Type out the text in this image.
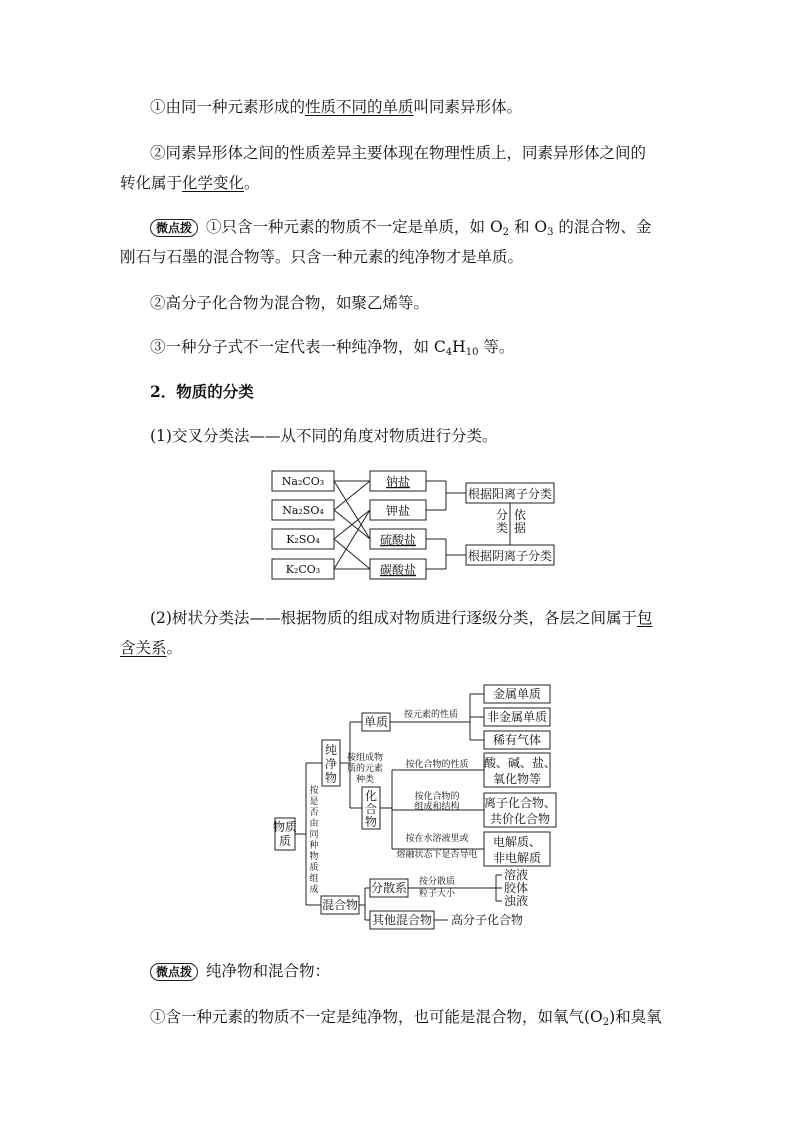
①由同一种元素形成的性质不同的单质叫同素异形体。
②同素异形体之间的性质差异主要体现在物理性质上，同素异形体之间的
转化属于化学变化。
微点拨 ①只含一种元素的物质不一定是单质，如 $O_2$ 和 $O_3$ 的混合物、金
刚石与石墨的混合物等。只含一种元素的纯净物才是单质。
②高分子化合物为混合物，如聚乙烯等。
③一种分子式不一定代表一种纯净物，如 $C_4H_{10}$ 等。
2．物质的分类
(1)交叉分类法——从不同的角度对物质进行分类。
Na₂CO₃
Na₂SO₄
K₂SO₄
K₂CO₃
钠盐
钾盐
硫酸盐
碳酸盐
根据阳离子分类
根据阴离子分类
分
类
依
据
(2)树状分类法——根据物质的组成对物质进行逐级分类，各层之间属于包
含关系。
物质
质
纯
净
物
混合物
单质
化
合
物
分散系
其他混合物
金属单质
非金属单质
稀有气体
酸、碱、盐、
氧化物等
离子化合物、
共价化合物
电解质、
非电解质
溶液
胶体
浊液
高分子化合物
按元素的性质
按化合物的性质
按化合物的
组成和结构
按在水溶液里或
熔融状态下是否导电
按分散质
粒子大小
按组成物
质的元素
种类
按
是
否
由
同
种
物
质
组
成
微点拨 纯净物和混合物：
①含一种元素的物质不一定是纯净物，也可能是混合物，如氧气$(O_2)$和臭氧
